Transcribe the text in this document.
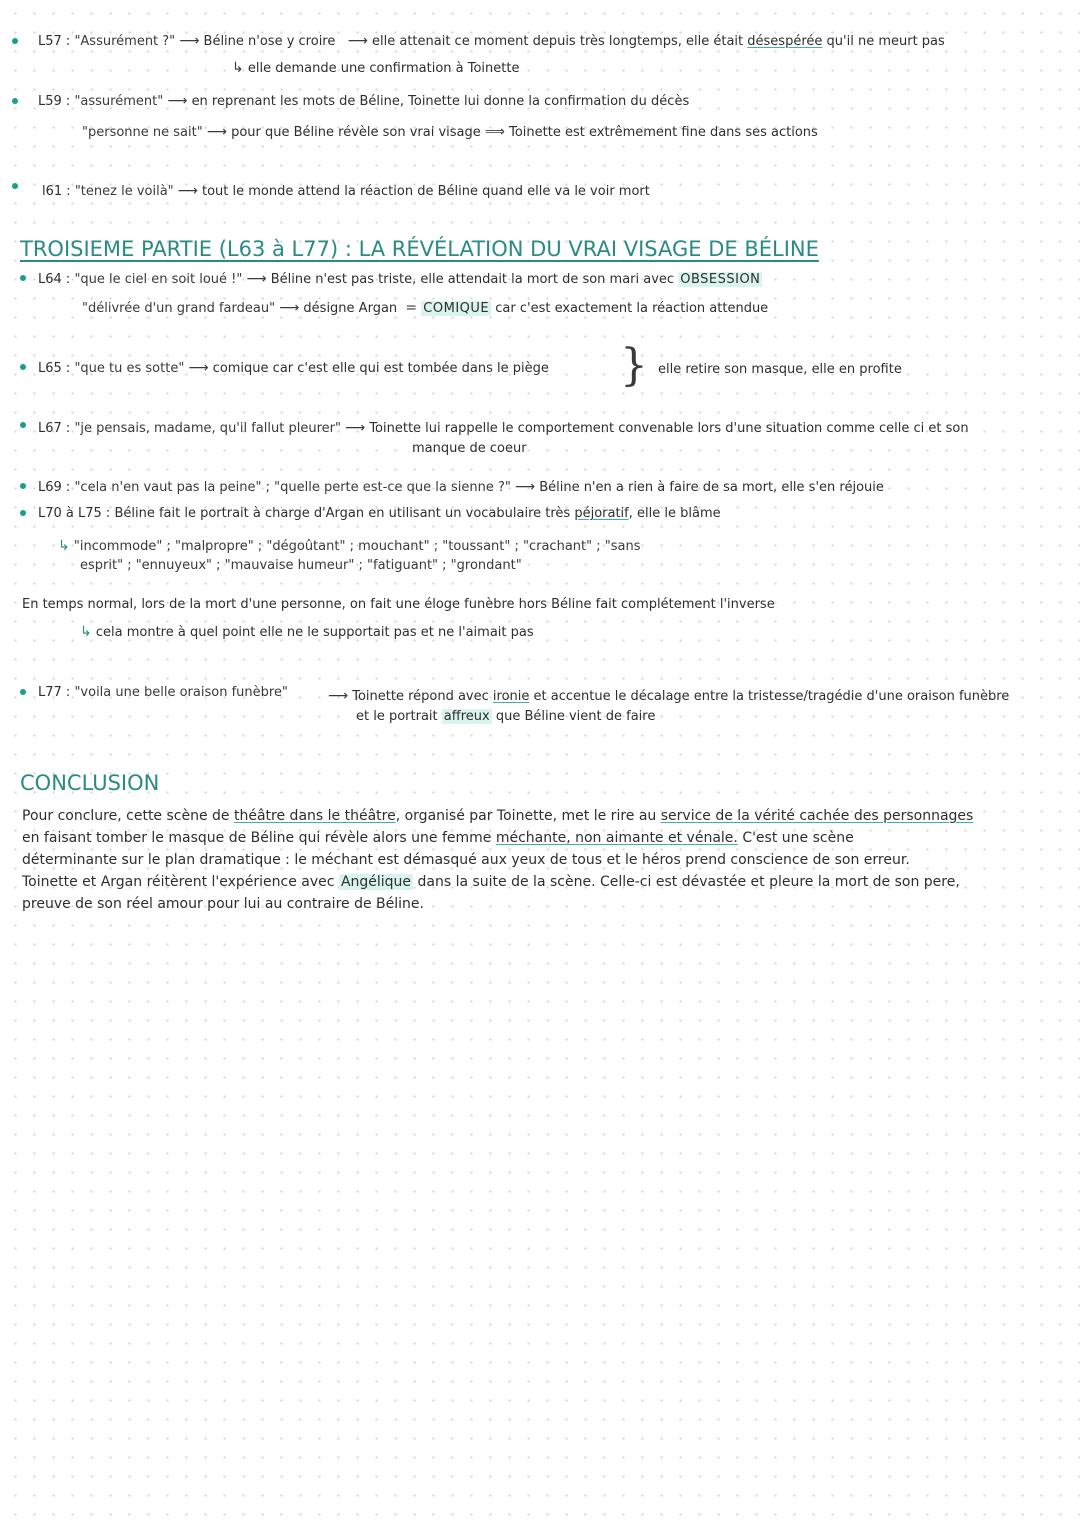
L57 : "Assurément ?" ⟶ Béline n'ose y croire ⟶ elle attenait ce moment depuis très longtemps, elle était désespérée qu'il ne meurt pas
↳ elle demande une confirmation à Toinette
L59 : "assurément" ⟶ en reprenant les mots de Béline, Toinette lui donne la confirmation du décès
"personne ne sait" ⟶ pour que Béline révèle son vrai visage ⟹ Toinette est extrêmement fine dans ses actions
l61 : "tenez le voilà" ⟶ tout le monde attend la réaction de Béline quand elle va le voir mort
TROISIEME PARTIE (L63 à L77) : LA RÉVÉLATION DU VRAI VISAGE DE BÉLINE
L64 : "que le ciel en soit loué !" ⟶ Béline n'est pas triste, elle attendait la mort de son mari avec OBSESSION
"délivrée d'un grand fardeau" ⟶ désigne Argan = COMIQUE car c'est exactement la réaction attendue
L65 : "que tu es sotte" ⟶ comique car c'est elle qui est tombée dans le piège } elle retire son masque, elle en profite
L67 : "je pensais, madame, qu'il fallut pleurer" ⟶ Toinette lui rappelle le comportement convenable lors d'une situation comme celle ci et son
manque de coeur
L69 : "cela n'en vaut pas la peine" ; "quelle perte est-ce que la sienne ?" ⟶ Béline n'en a rien à faire de sa mort, elle s'en réjouie
L70 à L75 : Béline fait le portrait à charge d'Argan en utilisant un vocabulaire très péjoratif, elle le blâme
↳ "incommode" ; "malpropre" ; "dégoûtant" ; mouchant" ; "toussant" ; "crachant" ; "sans
esprit" ; "ennuyeux" ; "mauvaise humeur" ; "fatiguant" ; "grondant"
En temps normal, lors de la mort d'une personne, on fait une éloge funèbre hors Béline fait complétement l'inverse
↳ cela montre à quel point elle ne le supportait pas et ne l'aimait pas
L77 : "voila une belle oraison funèbre"	⟶ Toinette répond avec ironie et accentue le décalage entre la tristesse/tragédie d'une oraison funèbre
et le portrait affreux que Béline vient de faire
CONCLUSION
Pour conclure, cette scène de théâtre dans le théâtre, organisé par Toinette, met le rire au service de la vérité cachée des personnages
en faisant tomber le masque de Béline qui révèle alors une femme méchante, non aimante et vénale. C'est une scène
déterminante sur le plan dramatique : le méchant est démasqué aux yeux de tous et le héros prend conscience de son erreur.
Toinette et Argan réitèrent l'expérience avec Angélique dans la suite de la scène. Celle-ci est dévastée et pleure la mort de son pere,
preuve de son réel amour pour lui au contraire de Béline.
